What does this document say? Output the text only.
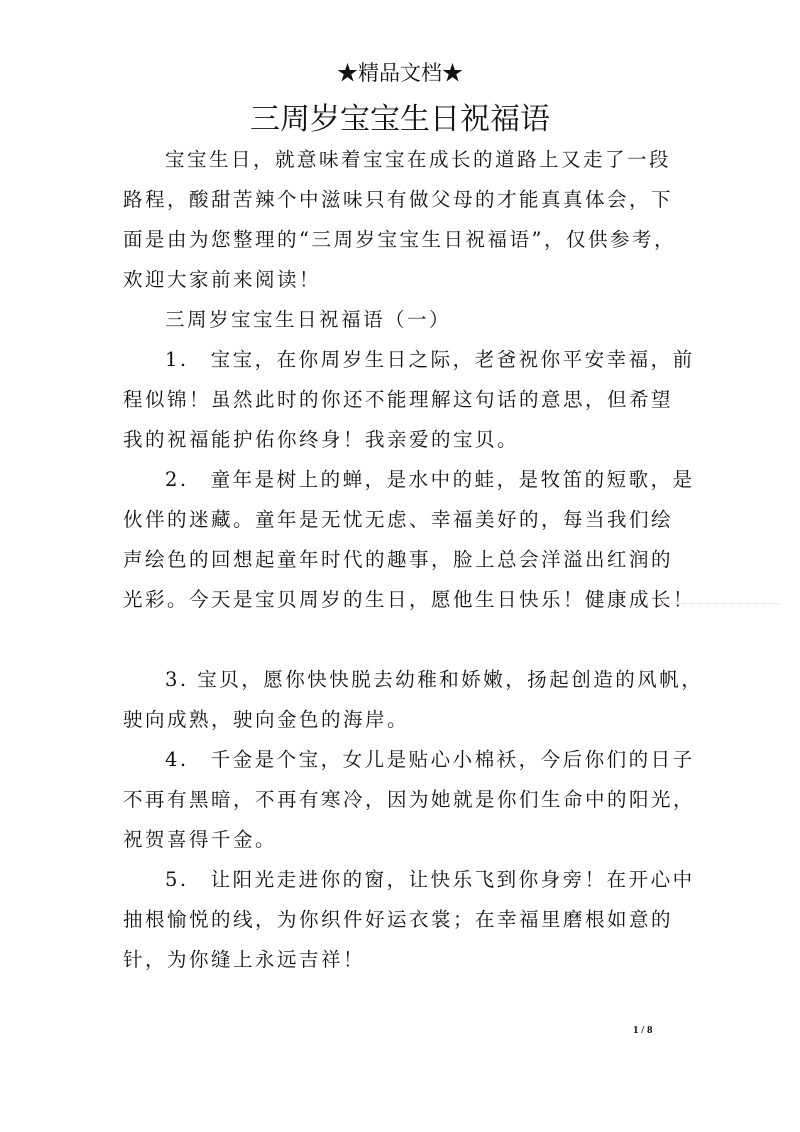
★精品文档★
三周岁宝宝生日祝福语
宝宝生日，就意味着宝宝在成长的道路上又走了一段
路程，酸甜苦辣个中滋味只有做父母的才能真真体会，下
面是由为您整理的“三周岁宝宝生日祝福语”，仅供参考，
欢迎大家前来阅读！
三周岁宝宝生日祝福语（一）
1.　宝宝，在你周岁生日之际，老爸祝你平安幸福，前
程似锦！虽然此时的你还不能理解这句话的意思，但希望
我的祝福能护佑你终身！我亲爱的宝贝。
2.　童年是树上的蝉，是水中的蛙，是牧笛的短歌，是
伙伴的迷藏。童年是无忧无虑、幸福美好的，每当我们绘
声绘色的回想起童年时代的趣事，脸上总会洋溢出红润的
光彩。今天是宝贝周岁的生日，愿他生日快乐！健康成长！
3. 宝贝，愿你快快脱去幼稚和娇嫩，扬起创造的风帆，
驶向成熟，驶向金色的海岸。
4.　千金是个宝，女儿是贴心小棉袄，今后你们的日子
不再有黑暗，不再有寒冷，因为她就是你们生命中的阳光，
祝贺喜得千金。
5.　让阳光走进你的窗，让快乐飞到你身旁！在开心中
抽根愉悦的线，为你织件好运衣裳；在幸福里磨根如意的
针，为你缝上永远吉祥！
1 / 8
